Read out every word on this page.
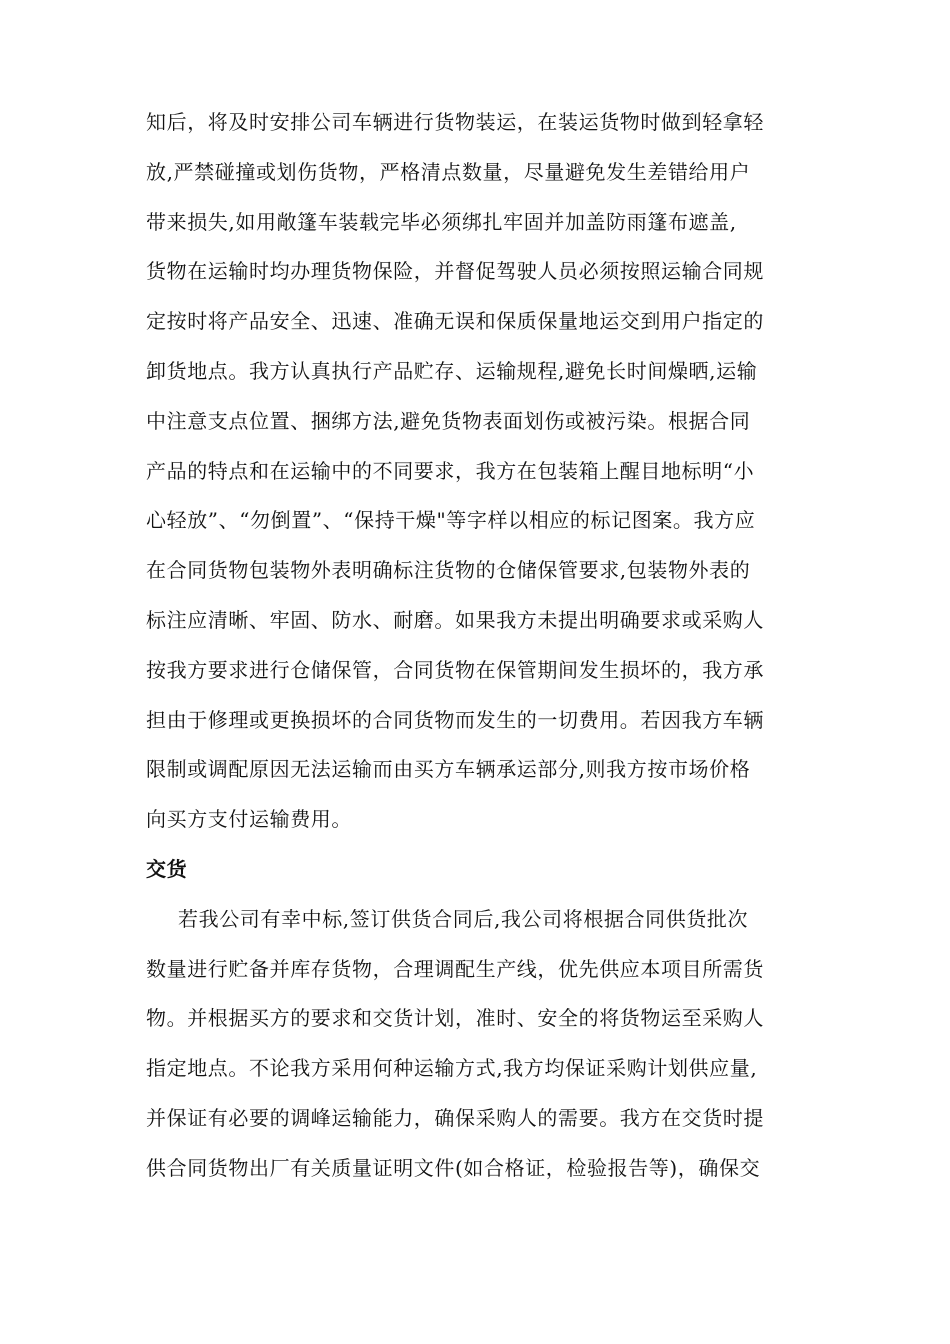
知后，将及时安排公司车辆进行货物装运，在装运货物时做到轻拿轻
放,严禁碰撞或划伤货物，严格清点数量，尽量避免发生差错给用户
带来损失,如用敞篷车装载完毕必须绑扎牢固并加盖防雨篷布遮盖,
货物在运输时均办理货物保险，并督促驾驶人员必须按照运输合同规
定按时将产品安全、迅速、准确无误和保质保量地运交到用户指定的
卸货地点。我方认真执行产品贮存、运输规程,避免长时间燥晒,运输
中注意支点位置、捆绑方法,避免货物表面划伤或被污染。根据合同
产品的特点和在运输中的不同要求，我方在包装箱上醒目地标明“小
心轻放”、“勿倒置”、“保持干燥"等字样以相应的标记图案。我方应
在合同货物包装物外表明确标注货物的仓储保管要求,包装物外表的
标注应清晰、牢固、防水、耐磨。如果我方未提出明确要求或采购人
按我方要求进行仓储保管，合同货物在保管期间发生损坏的，我方承
担由于修理或更换损坏的合同货物而发生的一切费用。若因我方车辆
限制或调配原因无法运输而由买方车辆承运部分,则我方按市场价格
向买方支付运输费用。
交货
若我公司有幸中标,签订供货合同后,我公司将根据合同供货批次
数量进行贮备并库存货物，合理调配生产线，优先供应本项目所需货
物。并根据买方的要求和交货计划，准时、安全的将货物运至采购人
指定地点。不论我方采用何种运输方式,我方均保证采购计划供应量,
并保证有必要的调峰运输能力，确保采购人的需要。我方在交货时提
供合同货物出厂有关质量证明文件(如合格证，检验报告等)，确保交
